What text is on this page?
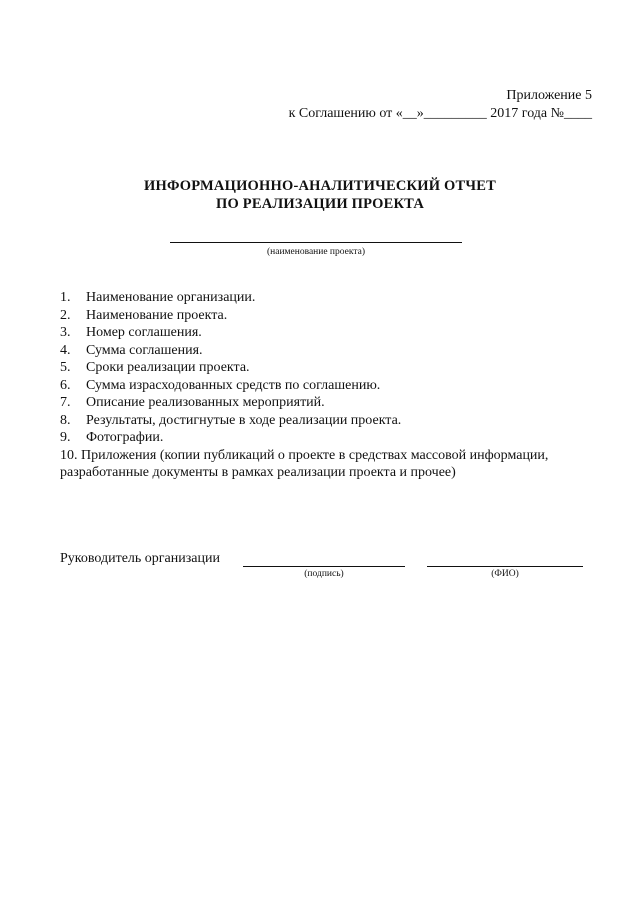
Приложение 5
к Соглашению от «__»_________ 2017 года №____
ИНФОРМАЦИОННО-АНАЛИТИЧЕСКИЙ ОТЧЕТ
ПО РЕАЛИЗАЦИИ ПРОЕКТА
(наименование проекта)
1.	Наименование организации.
2.	Наименование проекта.
3.	Номер соглашения.
4.	Сумма соглашения.
5.	Сроки реализации проекта.
6.	Сумма израсходованных средств по соглашению.
7.	Описание реализованных мероприятий.
8.	Результаты, достигнутые в ходе реализации проекта.
9.	Фотографии.
10. Приложения (копии публикаций о проекте в средствах массовой информации, разработанные документы в рамках реализации проекта и прочее)
Руководитель организации
(подпись)	(ФИО)
